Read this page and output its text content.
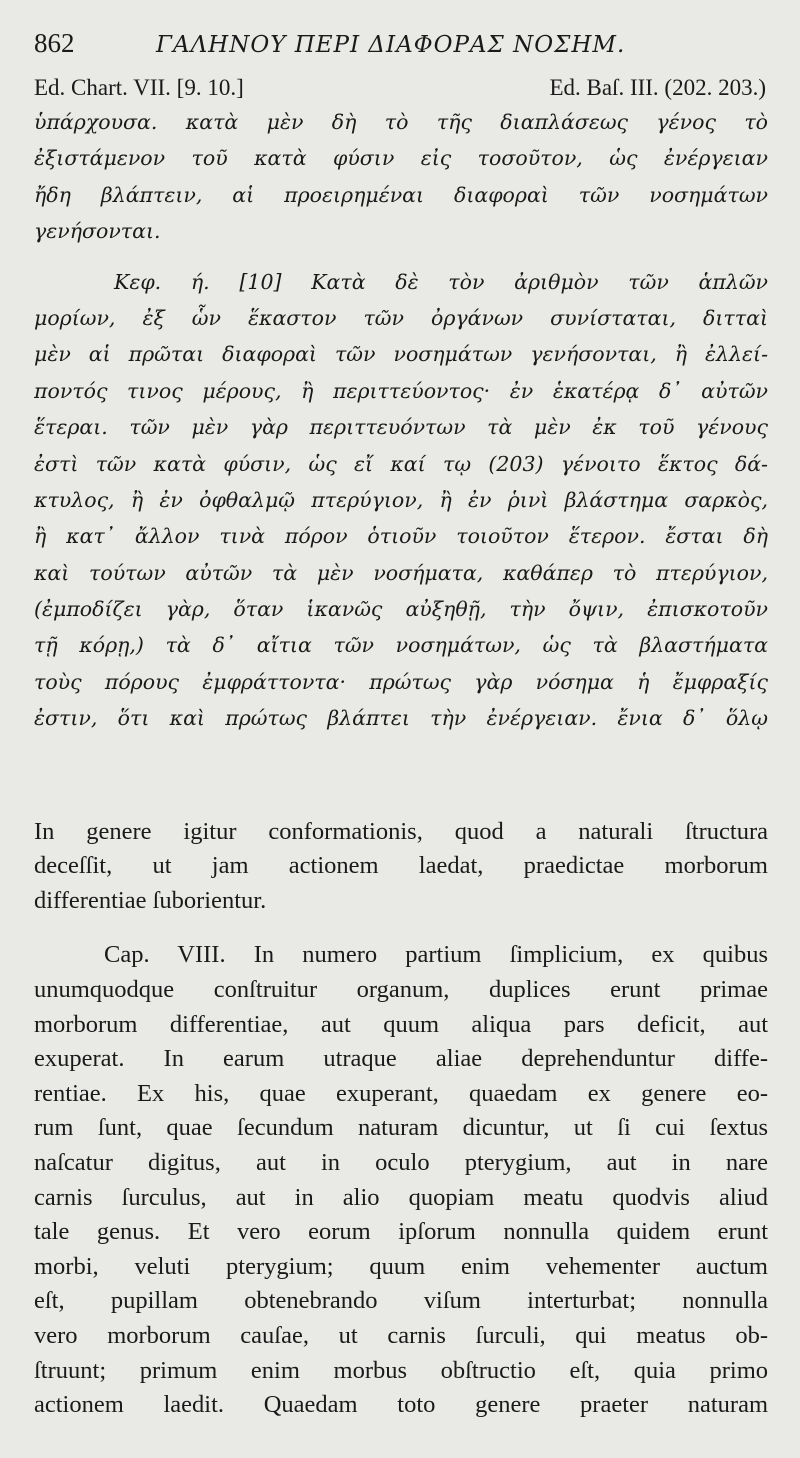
862	ΓΑΛΗΝΟΥ ΠΕΡΙ ΔΙΑΦΟΡΑΣ ΝΟΣΗΜ.
Ed. Chart. VII. [9. 10.]	Ed. Baſ. III. (202. 203.)
ὑπάρχουσα. κατὰ μὲν δὴ τὸ τῆς διαπλάσεως γένος τὸ
ἐξιστάμενον τοῦ κατὰ φύσιν εἰς τοσοῦτον, ὡς ἐνέργειαν
ἤδη βλάπτειν, αἱ προειρημέναι διαφοραὶ τῶν νοσημάτων
γενήσονται.
Κεφ. ή. [10] Κατὰ δὲ τὸν ἀριθμὸν τῶν ἁπλῶν
μορίων, ἐξ ὧν ἕκαστον τῶν ὀργάνων συνίσταται, διτταὶ
μὲν αἱ πρῶται διαφοραὶ τῶν νοσημάτων γενήσονται, ἢ ἐλλεί-
ποντός τινος μέρους, ἢ περιττεύοντος· ἐν ἑκατέρᾳ δ᾽ αὐτῶν
ἕτεραι. τῶν μὲν γὰρ περιττευόντων τὰ μὲν ἐκ τοῦ γένους
ἐστὶ τῶν κατὰ φύσιν, ὡς εἴ καί τῳ (203) γένοιτο ἕκτος δά-
κτυλος, ἢ ἐν ὀφθαλμῷ πτερύγιον, ἢ ἐν ῥινὶ βλάστημα σαρκὸς,
ἢ κατ᾽ ἄλλον τινὰ πόρον ὁτιοῦν τοιοῦτον ἕτερον. ἔσται δὴ
καὶ τούτων αὐτῶν τὰ μὲν νοσήματα, καθάπερ τὸ πτερύγιον,
(ἐμποδίζει γὰρ, ὅταν ἱκανῶς αὐξηθῇ, τὴν ὄψιν, ἐπισκοτοῦν
τῇ κόρῃ,) τὰ δ᾽ αἴτια τῶν νοσημάτων, ὡς τὰ βλαστήματα
τοὺς πόρους ἐμφράττοντα· πρώτως γὰρ νόσημα ἡ ἔμφραξίς
ἐστιν, ὅτι καὶ πρώτως βλάπτει τὴν ἐνέργειαν. ἔνια δ᾽ ὅλῳ
In genere igitur conformationis, quod a naturali ſtructura
deceſſit, ut jam actionem laedat, praedictae morborum
differentiae ſuborientur.
Cap. VIII. In numero partium ſimplicium, ex quibus
unumquodque conſtruitur organum, duplices erunt primae
morborum differentiae, aut quum aliqua pars deficit, aut
exuperat. In earum utraque aliae deprehenduntur diffe-
rentiae. Ex his, quae exuperant, quaedam ex genere eo-
rum ſunt, quae ſecundum naturam dicuntur, ut ſi cui ſextus
naſcatur digitus, aut in oculo pterygium, aut in nare
carnis ſurculus, aut in alio quopiam meatu quodvis aliud
tale genus. Et vero eorum ipſorum nonnulla quidem erunt
morbi, veluti pterygium; quum enim vehementer auctum
eſt, pupillam obtenebrando viſum interturbat; nonnulla
vero morborum cauſae, ut carnis ſurculi, qui meatus ob-
ſtruunt; primum enim morbus obſtructio eſt, quia primo
actionem laedit. Quaedam toto genere praeter naturam
